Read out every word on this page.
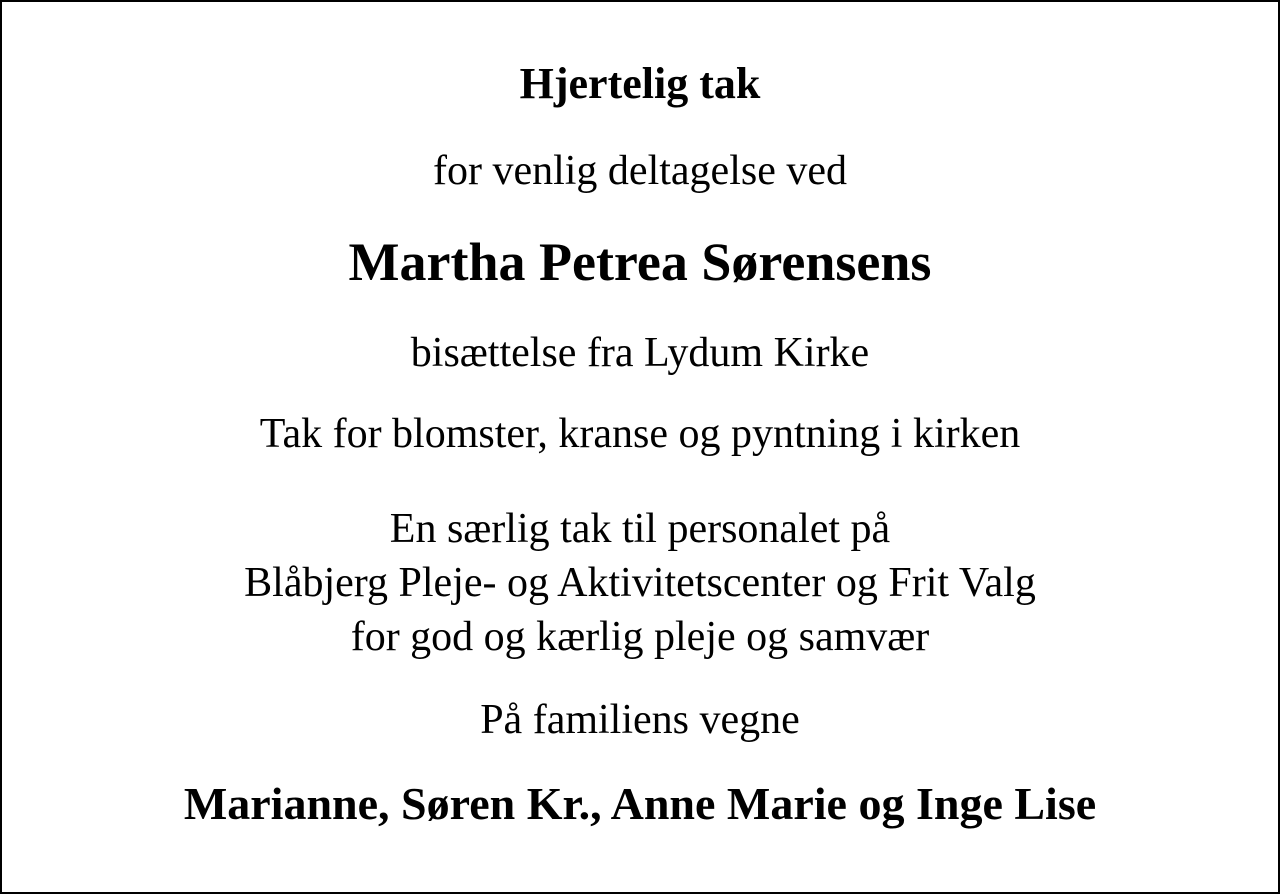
Hjertelig tak
for venlig deltagelse ved
Martha Petrea Sørensens
bisættelse fra Lydum Kirke
Tak for blomster, kranse og pyntning i kirken
En særlig tak til personalet på
Blåbjerg Pleje- og Aktivitetscenter og Frit Valg
for god og kærlig pleje og samvær
På familiens vegne
Marianne, Søren Kr., Anne Marie og Inge Lise
